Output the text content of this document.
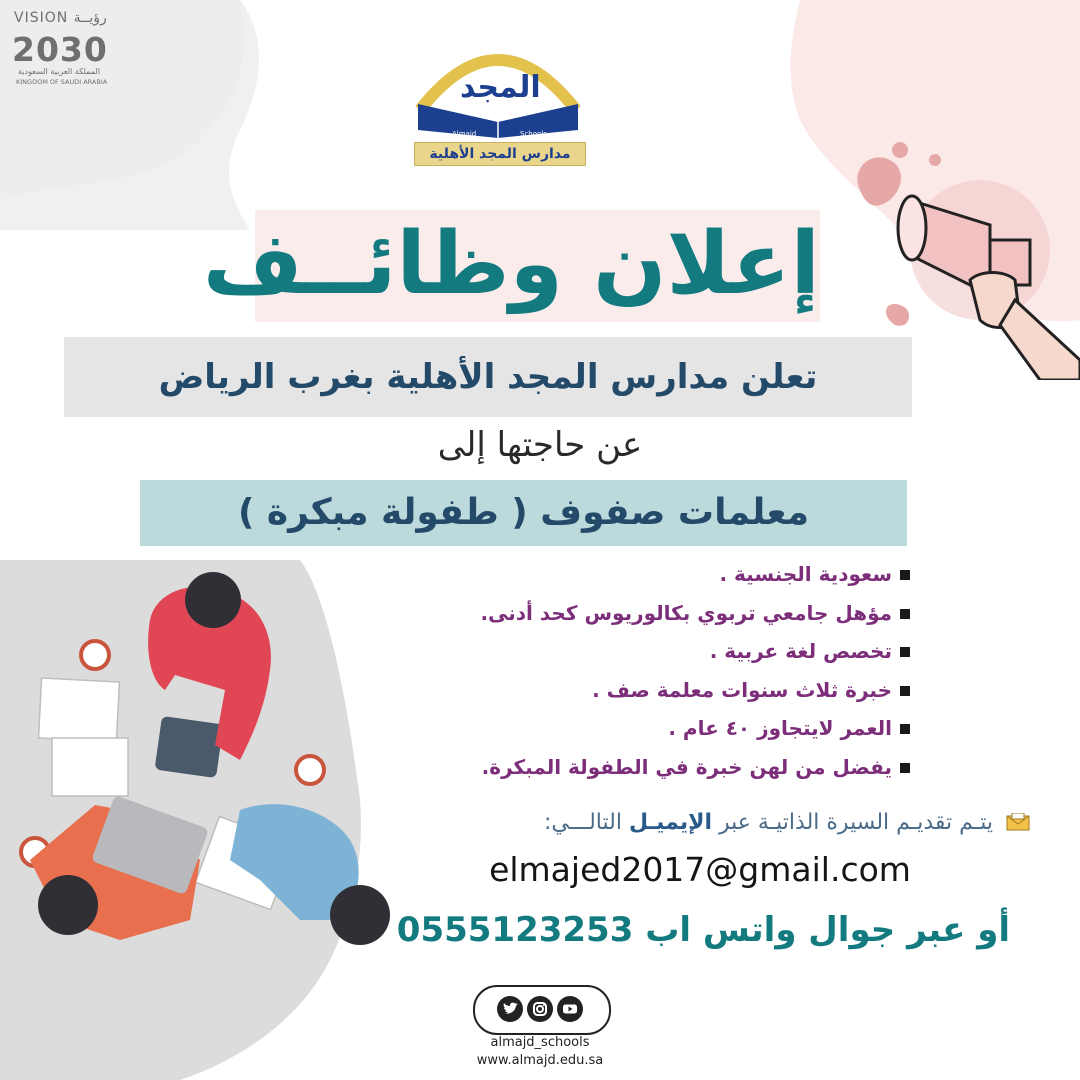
VISION رؤيــة
2030
المملكة العربية السعودية
KINGDOM OF SAUDI ARABIA	المجد
Almajd	Schools
مدارس المجد الأهلية
إعلان وظائــف
تعلن مدارس المجد الأهلية بغرب الرياض
عن حاجتها إلى
معلمات صفوف ( طفولة مبكرة )
سعودية الجنسية .
مؤهل جامعي تربوي بكالوريوس كحد أدنى.
تخصص لغة عربية .
خبرة ثلاث سنوات معلمة صف .
العمر لايتجاوز ٤٠ عام .
يفضل من لهن خبرة في الطفولة المبكرة.
يتـم تقديـم السيرة الذاتيـة عبر الإيميـل التالـــي:
elmajed2017@gmail.com
أو عبر جوال واتس اب 0555123253
almajd_schools
www.almajd.edu.sa
